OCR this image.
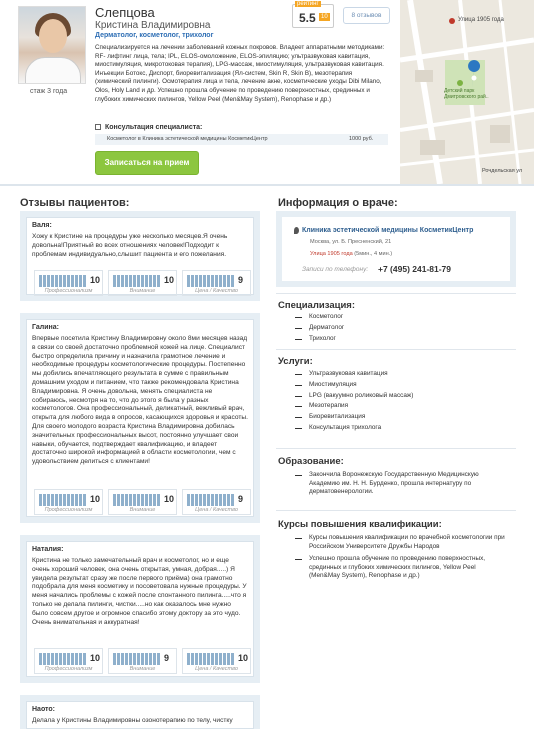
стаж 3 года
Слепцова
Кристина Владимировна
Дерматолог, косметолог, трихолог
рейтинг
5.5 10	8 отзывов
Специализируется на лечении заболеваний кожных покровов. Владеет аппаратными методиками: RF- лифтинг лица, тела; IPL, ELOS-омоложение, ELOS-эпиляцию; ультразвуковая кавитация, миостимуляция, микротоковая терапия), LPG-массаж, миостимуляция, ультразвуковая кавитация. Инъекции Ботокс, Диспорт, биоревитализация (Ял-систем, Skin R, Skin B), мезотерапия (химический пилинги). Осмотерапия лица и тела, лечение акне, косметические уходы Dibi Milano, Olos, Holy Land и др. Успешно прошла обучение по проведению поверхностных, срединных и глубоких химических пилингов, Yellow Peel (Men&May System), Renophase и др.)
Консультация специалиста:
Косметолог в Клиника эстетической медицины КосметикЦентр	1000 руб.
Записаться на прием
Улица 1905 года
Детский парк Дмитровского рай..
Рочдельская ул
Отзывы пациентов:
Валя:
Хожу к Кристине на процедуры уже несколько месяцев.Я очень довольна!Приятный во всех отношениях человек!Подходит к проблемам индивидуально,слышит пациента и его пожелания.
10
Профессионализм
10
Внимание
9
Цена / Качество
Галина:
Впервые посетила Кристину Владимировну около 8ми месяцев назад в связи со своей достаточно проблемной кожей на лице. Специалист быстро определила причину и назначила грамотное лечение и необходимые процедуры косметологические процедуры. Постепенно мы добились впечатляющего результата в сумме с правильным домашним уходом и питанием, что также рекомендовала Кристина Владимировна. Я очень довольна, менять специалиста не собираюсь, несмотря на то, что до этого я была у разных косметологов. Она профессиональный, деликатный, вежливый врач, открыта для любого вида в опросов, касающихся здоровья и красоты. Для своего молодого возраста Кристина Владимировна добилась значительных профессиональных высот, постоянно улучшает свои навыки, обучается, подтверждает квалификацию, и владеет достаточно широкой информацией в области косметологии, чем с удовольствием делиться с клиентами!
10
Профессионализм
10
Внимание
9
Цена / Качество
Наталия:
Кристина не только замечательный врач и косметолог, но и еще очень хороший человек, она очень открытая, умная, добрая.....) Я увидела результат сразу же после первого приёма) она грамотно подобрала для меня косметику и посоветовала нужные процедуры. У меня начались проблемы с кожей после спонтанного пилинга.....что я только не делала пилинги, чистки.....но как оказалось мне нужно было совсем другое и огромное спасибо этому доктору за это чудо. Очень внимательная и аккуратная!
10
Профессионализм
9
Внимание
10
Цена / Качество
Наото:
Делала у Кристины Владимировны озонотерапию по телу, чистку
Информация о враче:
Клиника эстетической медицины КосметикЦентр
Москва, ул. Б. Пресненский, 21
Улица 1905 года (5мин., 4 мин.)
Записи по телефону: +7 (495) 241-81-79
Специализация:
Косметолог
Дерматолог
Трихолог
Услуги:
Ультразвуковая кавитация
Миостимуляция
LPG (вакуумно роликовый массаж)
Мезотерапия
Биоревитализация
Консультация трихолога
Образование:
Закончила Воронежскую Государственную Медицинскую Академию им. Н. Н. Бурденко, прошла интернатуру по дерматовенерологии.
Курсы повышения квалификации:
Курсы повышения квалификации по врачебной косметологии при Российском Университете Дружбы Народов
Успешно прошла обучение по проведению поверхностных, срединных и глубоких химических пилингов, Yellow Peel (Men&May System), Renophase и др.)
